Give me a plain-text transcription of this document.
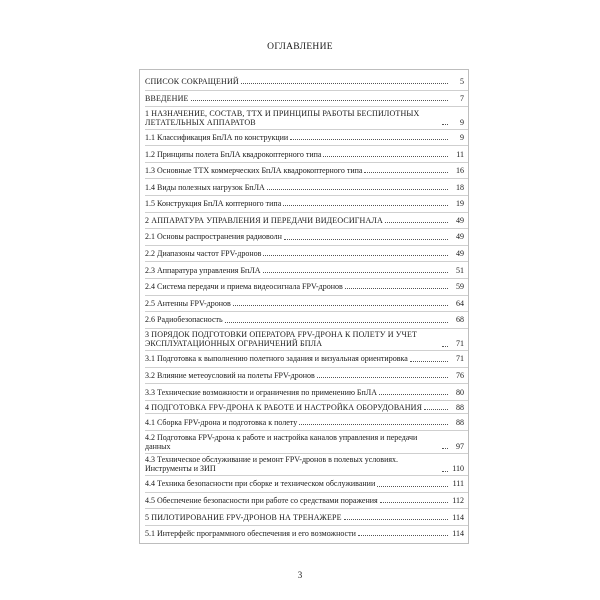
ОГЛАВЛЕНИЕ
СПИСОК СОКРАЩЕНИЙ	5
ВВЕДЕНИЕ	7
1 НАЗНАЧЕНИЕ, СОСТАВ, ТТХ И ПРИНЦИПЫ РАБОТЫ БЕСПИЛОТНЫХ ЛЕТАТЕЛЬНЫХ АППАРАТОВ	9
1.1 Классификация БпЛА по конструкции	9
1.2 Принципы полета БпЛА квадрокоптерного типа	11
1.3 Основные ТТХ коммерческих БпЛА квадрокоптерного типа	16
1.4 Виды полезных нагрузок БпЛА	18
1.5 Конструкция БпЛА коптерного типа	19
2 АППАРАТУРА УПРАВЛЕНИЯ И ПЕРЕДАЧИ ВИДЕОСИГНАЛА	49
2.1 Основы распространения радиоволн	49
2.2 Диапазоны частот FPV-дронов	49
2.3 Аппаратура управления БпЛА	51
2.4 Система передачи и приема видеосигнала FPV-дронов	59
2.5 Антенны FPV-дронов	64
2.6 Радиобезопасность	68
3 ПОРЯДОК ПОДГОТОВКИ ОПЕРАТОРА FPV-ДРОНА К ПОЛЕТУ И УЧЕТ ЭКСПЛУАТАЦИОННЫХ ОГРАНИЧЕНИЙ БПЛА	71
3.1 Подготовка к выполнению полетного задания и визуальная ориентировка	71
3.2 Влияние метеоусловий на полеты FPV-дронов	76
3.3 Технические возможности и ограничения по применению БпЛА	80
4 ПОДГОТОВКА FPV-ДРОНА К РАБОТЕ И НАСТРОЙКА ОБОРУДОВАНИЯ	88
4.1 Сборка FPV-дрона и подготовка к полету	88
4.2 Подготовка FPV-дрона к работе и настройка каналов управления и передачи данных	97
4.3 Техническое обслуживание и ремонт FPV-дронов в полевых условиях. Инструменты и ЗИП	110
4.4 Техника безопасности при сборке и техническом обслуживании	111
4.5 Обеспечение безопасности при работе со средствами поражения	112
5 ПИЛОТИРОВАНИЕ FPV-ДРОНОВ НА ТРЕНАЖЕРЕ	114
5.1 Интерфейс программного обеспечения и его возможности	114
3
